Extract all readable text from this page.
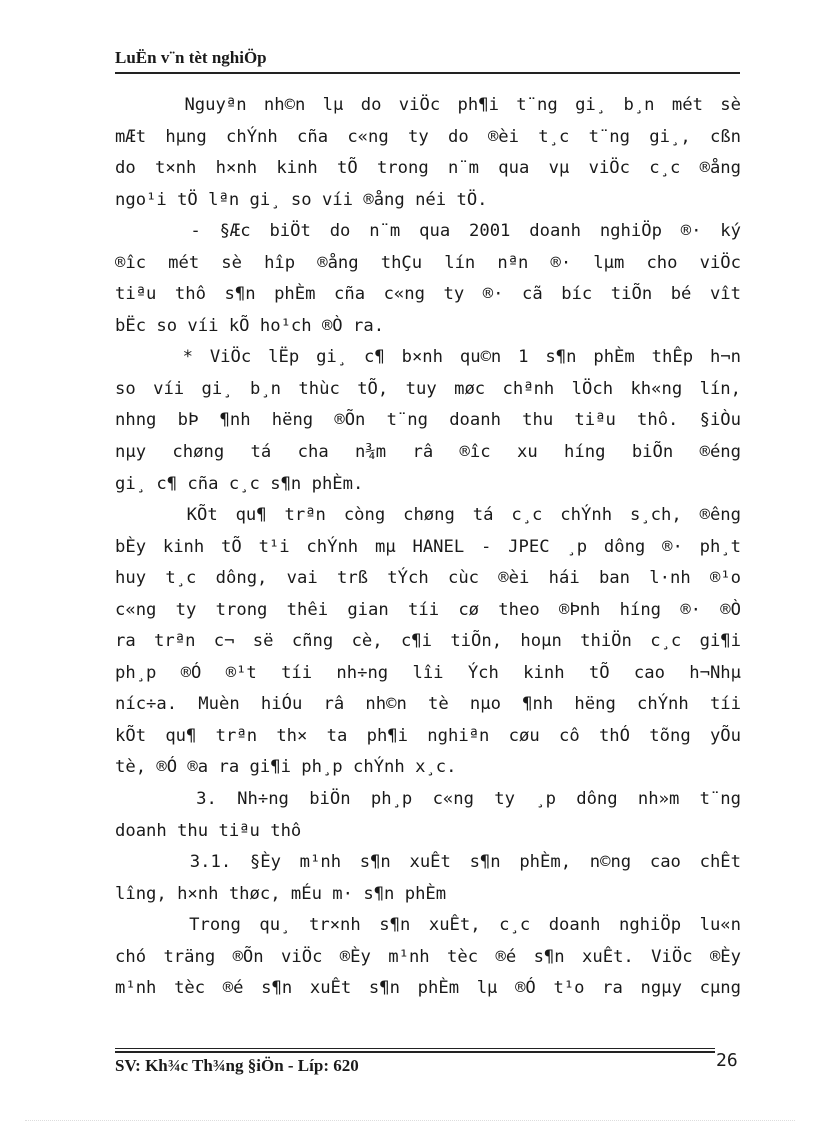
LuËn v¨n tèt nghiÖp
Nguyªn nh©n lµ do viÖc ph¶i t¨ng gi¸ b¸n mét sè
mÆt hµng chÝnh cña c«ng ty do ®èi t¸c t¨ng gi¸, cßn
do t×nh h×nh kinh tÕ trong n¨m qua vµ viÖc c¸c ®ång
ngo¹i tÖ lªn gi¸ so víi ®ång néi tÖ.
- §Æc biÖt do n¨m qua 2001 doanh nghiÖp ®· ký
®îc mét sè hîp ®ång thÇu lín nªn ®· lµm cho viÖc
tiªu thô s¶n phÈm cña c«ng ty ®· cã bíc tiÕn bé vît
bËc so víi kÕ ho¹ch ®Ò ra.
* ViÖc lËp gi¸ c¶ b×nh qu©n 1 s¶n phÈm thÊp h¬n
so víi gi¸ b¸n thùc tÕ, tuy møc chªnh lÖch kh«ng lín,
nhng bÞ ¶nh hëng ®Õn t¨ng doanh thu tiªu thô. §iÒu
nµy chøng tá cha n¾m râ ®îc xu híng biÕn ®éng
gi¸ c¶ cña c¸c s¶n phÈm.
KÕt qu¶ trªn còng chøng tá c¸c chÝnh s¸ch, ®êng
bÈy kinh tÕ t¹i chÝnh mµ HANEL - JPEC ¸p dông ®· ph¸t
huy t¸c dông, vai trß tÝch cùc ®èi hái ban l·nh ®¹o
c«ng ty trong thêi gian tíi cø theo ®Þnh híng ®· ®Ò
ra trªn c¬ së cñng cè, c¶i tiÕn, hoµn thiÖn c¸c gi¶i
ph¸p ®Ó ®¹t tíi nh÷ng lîi Ých kinh tÕ cao h¬Nhµ
níc÷a. Muèn hiÓu râ nh©n tè nµo ¶nh hëng chÝnh tíi
kÕt qu¶ trªn th× ta ph¶i nghiªn cøu cô thÓ tõng yÕu
tè, ®Ó ®a ra gi¶i ph¸p chÝnh x¸c.
3. Nh÷ng biÖn ph¸p c«ng ty ¸p dông nh»m t¨ng
doanh thu tiªu thô
3.1. §Èy m¹nh s¶n xuÊt s¶n phÈm, n©ng cao chÊt
lîng, h×nh thøc, mÉu m· s¶n phÈm
Trong qu¸ tr×nh s¶n xuÊt, c¸c doanh nghiÖp lu«n
chó träng ®Õn viÖc ®Èy m¹nh tèc ®é s¶n xuÊt. ViÖc ®Èy
m¹nh tèc ®é s¶n xuÊt s¶n phÈm lµ ®Ó t¹o ra ngµy cµng
26
SV: Kh¾c Th¾ng §iÖn - Líp: 620
